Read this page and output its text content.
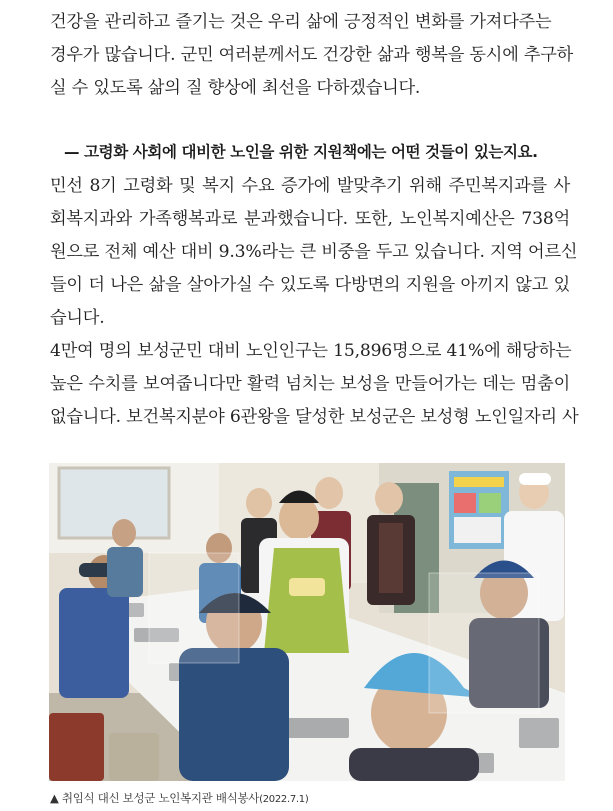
건강을 관리하고 즐기는 것은 우리 삶에 긍정적인 변화를 가져다주는
경우가 많습니다. 군민 여러분께서도 건강한 삶과 행복을 동시에 추구하
실 수 있도록 삶의 질 향상에 최선을 다하겠습니다.
— 고령화 사회에 대비한 노인을 위한 지원책에는 어떤 것들이 있는지요.
민선 8기 고령화 및 복지 수요 증가에 발맞추기 위해 주민복지과를 사
회복지과와 가족행복과로 분과했습니다. 또한, 노인복지예산은 738억
원으로 전체 예산 대비 9.3%라는 큰 비중을 두고 있습니다. 지역 어르신
들이 더 나은 삶을 살아가실 수 있도록 다방면의 지원을 아끼지 않고 있
습니다.
4만여 명의 보성군민 대비 노인인구는 15,896명으로 41%에 해당하는
높은 수치를 보여줍니다만 활력 넘치는 보성을 만들어가는 데는 멈춤이
없습니다. 보건복지분야 6관왕을 달성한 보성군은 보성형 노인일자리 사
▲ 취임식 대신 보성군 노인복지관 배식봉사(2022.7.1)
